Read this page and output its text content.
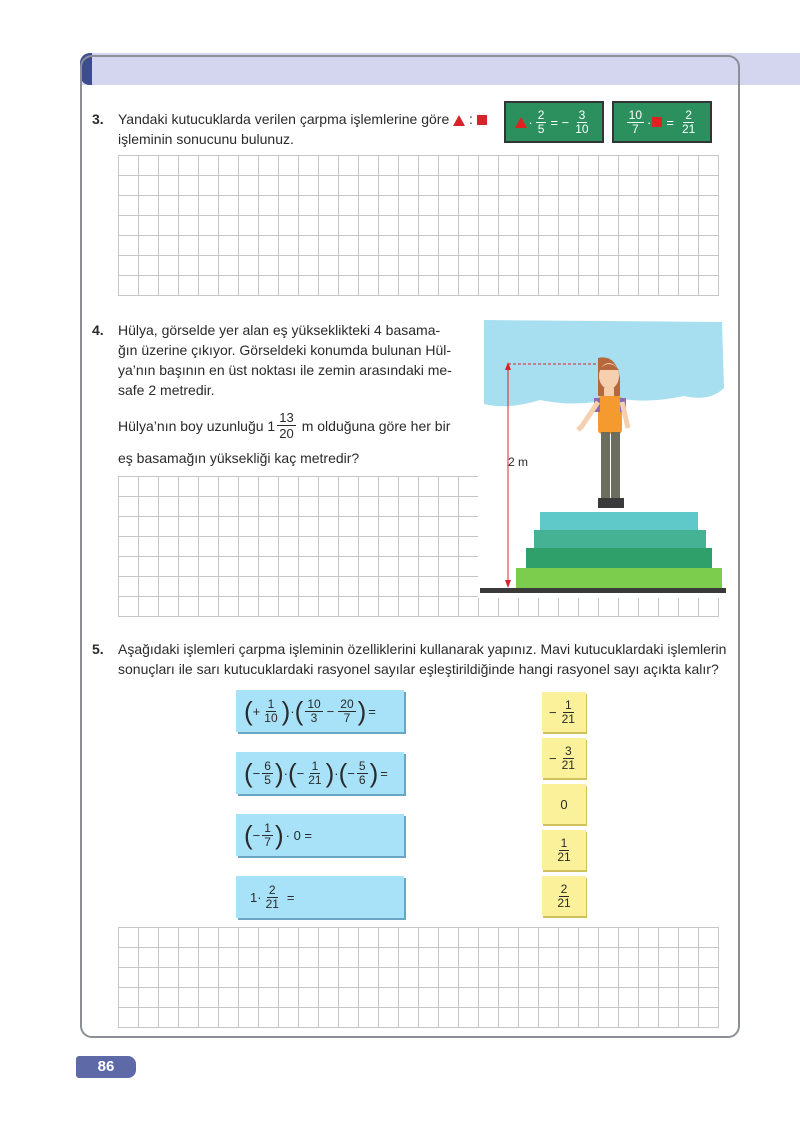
3. Yandaki kutucuklarda verilen çarpma işlemlerine göre :
işleminin sonucunu bulunuz.
· $\frac{2}{5}$ = − $\frac{3}{10}$	$\frac{10}{7}$ · = $\frac{2}{21}$
4. Hülya, görselde yer alan eş yükseklikteki 4 basama-
ğın üzerine çıkıyor. Görseldeki konumda bulunan Hül-
ya’nın başının en üst noktası ile zemin arasındaki me-
safe 2 metredir.
Hülya’nın boy uzunluğu $1 \frac{13}{20}$ m olduğuna göre her bir
eş basamağın yüksekliği kaç metredir?	2 m
5. Aşağıdaki işlemleri çarpma işleminin özelliklerini kullanarak yapınız. Mavi kutucuklardaki işlemlerin
sonuçları ile sarı kutucuklardaki rasyonel sayılar eşleştirildiğinde hangi rasyonel sayı açıkta kalır?
( + $\frac{1}{10}$ ) · ( $\frac{10}{3} - \frac{20}{7}$ ) =
( − $\frac{6}{5}$ ) · ( − $\frac{1}{21}$ ) · ( − $\frac{5}{6}$ ) =
( − $\frac{1}{7}$ ) · 0 =
$1\cdot \frac{2}{21}$ =
− $\frac{1}{21}$
− $\frac{3}{21}$
0
$\frac{1}{21}$
$\frac{2}{21}$
86
